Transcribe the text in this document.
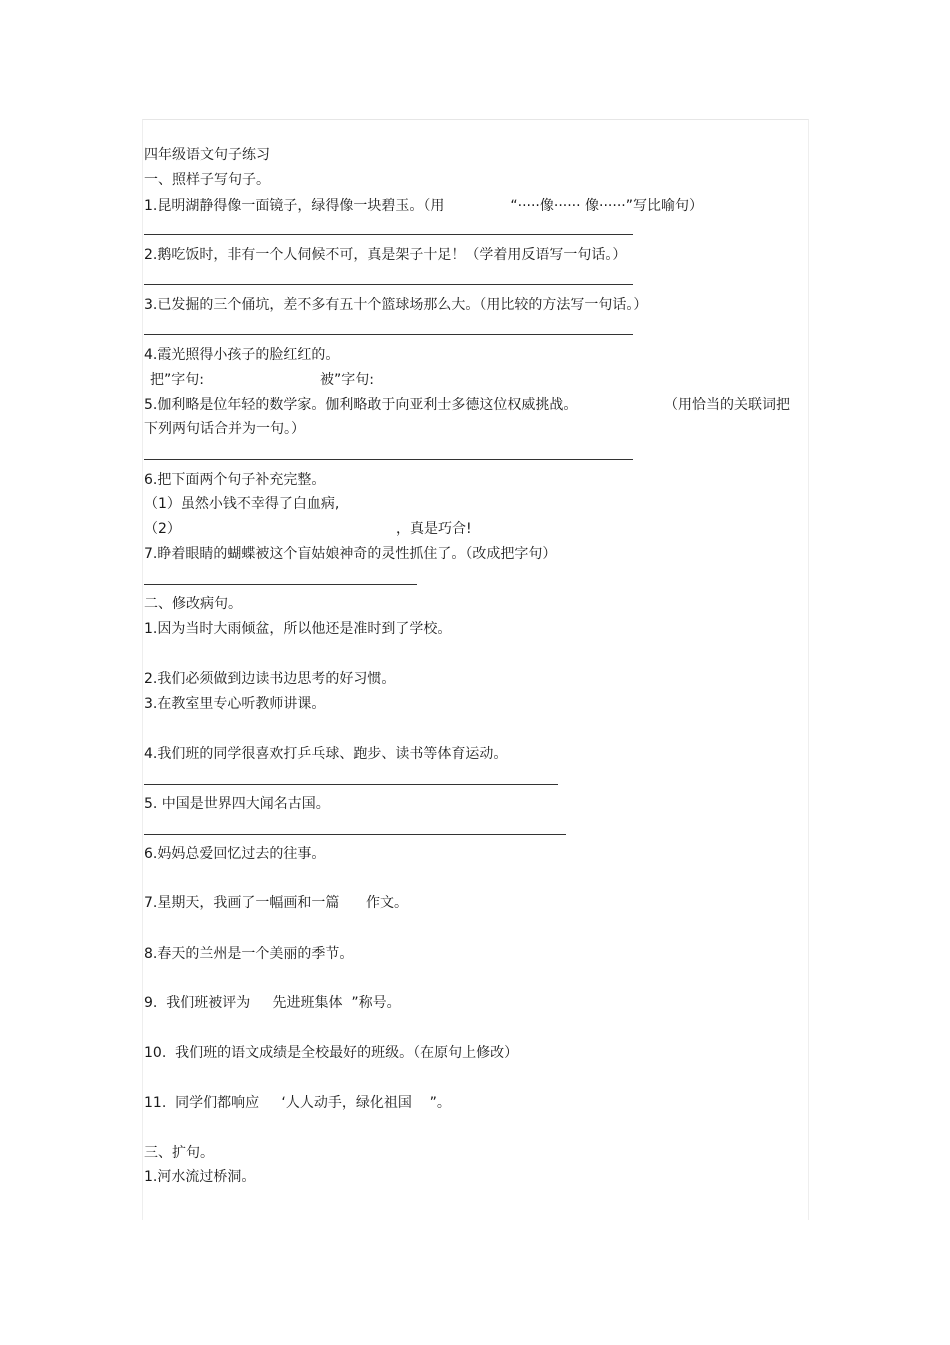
四年级语文句子练习
一、照样子写句子。
1.昆明湖静得像一面镜子，绿得像一块碧玉。（用	“·····像······ 像······”写比喻句）
2.鹅吃饭时，非有一个人伺候不可，真是架子十足！（学着用反语写一句话。）
3.已发掘的三个俑坑，差不多有五十个篮球场那么大。（用比较的方法写一句话。）
4.霞光照得小孩子的脸红红的。
把”字句:	被”字句:
5.伽利略是位年轻的数学家。伽利略敢于向亚利士多德这位权威挑战。	（用恰当的关联词把
下列两句话合并为一句。）
6.把下面两个句子补充完整。
（1）虽然小钱不幸得了白血病,
（2）	，真是巧合!
7.睁着眼睛的蝴蝶被这个盲姑娘神奇的灵性抓住了。（改成把字句）
二、修改病句。
1.因为当时大雨倾盆，所以他还是准时到了学校。
2.我们必须做到边读书边思考的好习惯。
3.在教室里专心听教师讲课。
4.我们班的同学很喜欢打乒乓球、跑步、读书等体育运动。
5. 中国是世界四大闻名古国。
6.妈妈总爱回忆过去的往事。
7.星期天，我画了一幅画和一篇      作文。
8.春天的兰州是一个美丽的季节。
9.  我们班被评为     先进班集体  ”称号。
10.  我们班的语文成绩是全校最好的班级。（在原句上修改）
11.  同学们都响应     ‘人人动手，绿化祖国    ”。
三、扩句。
1.河水流过桥洞。
